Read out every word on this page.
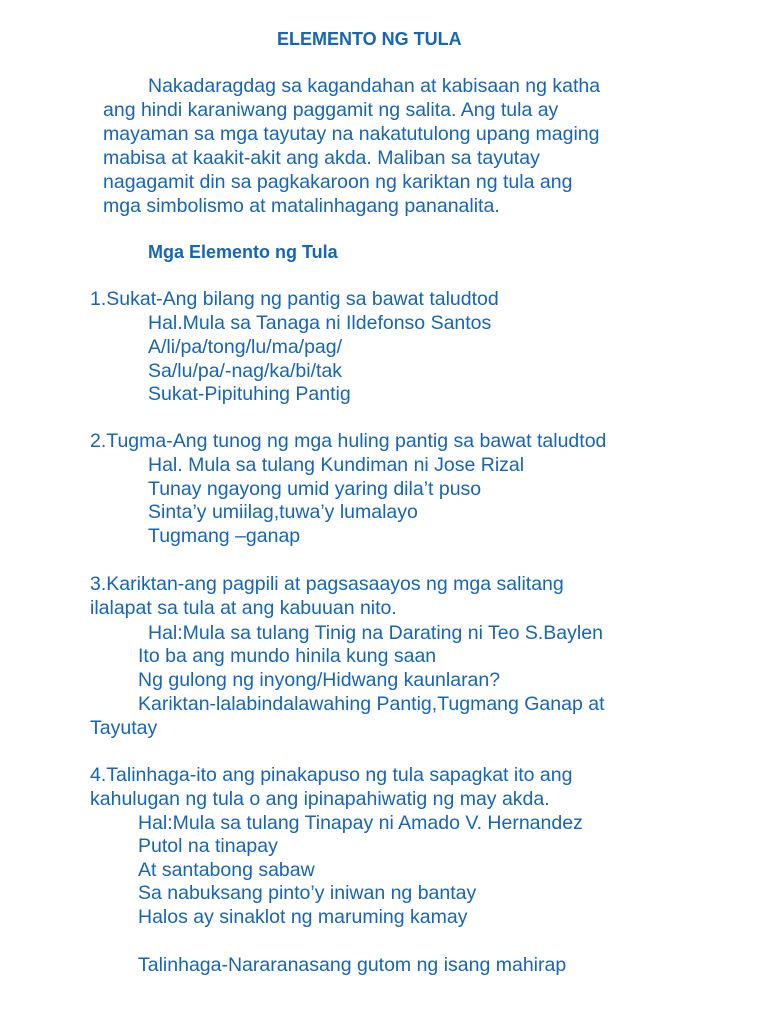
ELEMENTO NG TULA
Nakadaragdag sa kagandahan at kabisaan ng katha
ang hindi karaniwang paggamit ng salita. Ang tula ay
mayaman sa mga tayutay na nakatutulong upang maging
mabisa at kaakit-akit ang akda. Maliban sa tayutay
nagagamit din sa pagkakaroon ng kariktan ng tula ang
mga simbolismo at matalinhagang pananalita.
Mga Elemento ng Tula
1.Sukat-Ang bilang ng pantig sa bawat taludtod
Hal.Mula sa Tanaga ni Ildefonso Santos
A/li/pa/tong/lu/ma/pag/
Sa/lu/pa/-nag/ka/bi/tak
Sukat-Pipituhing Pantig
2.Tugma-Ang tunog ng mga huling pantig sa bawat taludtod
Hal. Mula sa tulang Kundiman ni Jose Rizal
Tunay ngayong umid yaring dila’t puso
Sinta’y umiilag,tuwa’y lumalayo
Tugmang –ganap
3.Kariktan-ang pagpili at pagsasaayos ng mga salitang
ilalapat sa tula at ang kabuuan nito.
Hal:Mula sa tulang Tinig na Darating ni Teo S.Baylen
Ito ba ang mundo hinila kung saan
Ng gulong ng inyong/Hidwang kaunlaran?
Kariktan-lalabindalawahing Pantig,Tugmang Ganap at
Tayutay
4.Talinhaga-ito ang pinakapuso ng tula sapagkat ito ang
kahulugan ng tula o ang ipinapahiwatig ng may akda.
Hal:Mula sa tulang Tinapay ni Amado V. Hernandez
Putol na tinapay
At santabong sabaw
Sa nabuksang pinto’y iniwan ng bantay
Halos ay sinaklot ng maruming kamay
Talinhaga-Nararanasang gutom ng isang mahirap
